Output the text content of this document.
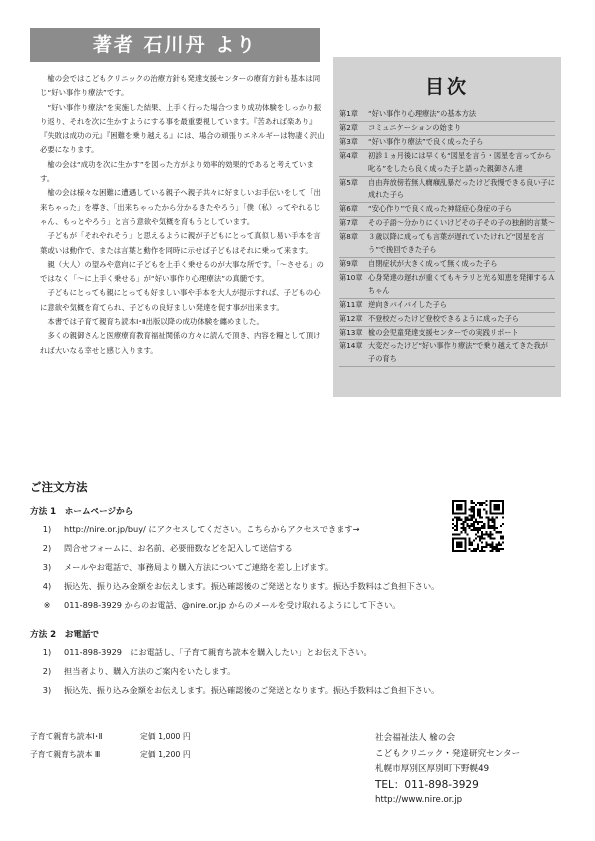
著者 石川丹 より

楡の会ではこどもクリニックの治療方針も発達支援センターの療育方針も基本は同じ“好い事作り療法”です。

“好い事作り療法”を実施した結果、上手く行った場合つまり成功体験をしっかり振り返り、それを次に生かすようにする事を最重要視しています。『苦あれば楽あり』『失敗は成功の元』『困難を乗り越える』には、場合の頑張りエネルギーは物凄く沢山必要になります。

楡の会は“成功を次に生かす”を図った方がより効率的効果的であると考えています。

楡の会は様々な困難に遭遇している親子へ親子共々に好ましいお手伝いをして「出来ちゃった」を導き、「出来ちゃったから分かるきたやろう」「僕（私）ってやれるじゃん、もっとやろう」と言う意欲や気概を育もうとしています。

子どもが「それやれそう」と思えるように親が子どもにとって真似し易い手本を言葉或いは動作で、または言葉と動作を同時に示せば子どもはそれに乗って来ます。

親（大人）の望みや意向に子どもを上手く乗せるのが大事な所です。「〜させる」のではなく「〜に上手く乗せる」が“好い事作り心理療法”の真髄です。

子どもにとっても親にとっても好ましい事や手本を大人が提示すれば、子どもの心に意欲や気概を育てられ、子どもの良好ましい発達を促す事が出来ます。

本書では子育て親育ち読本Ⅰ･Ⅱ出版以降の成功体験を纏めました。

多くの親御さんと医療療育教育福祉関係の方々に読んで頂き、内容を糧として頂ければ大いなる幸せと感じ入ります。

目次
第1章	“好い事作り心理療法”の基本方法
第2章	コミュニケーションの始まり
第3章	“好い事作り療法”で良く成った子ら
第4章	初診１ヵ月後には早くも“図星を言う・図星を言ってから叱る”をしたら良く成った子と語った親御さん達
第5章	自由奔放傍若無人癇癪乱暴だったけど我慢できる良い子に成れた子ら
第6章	“安心作り”で良く成った神経症心身症の子ら
第7章	その子語〜分かりにくいけどその子その子の独創的言葉〜
第8章	３歳以降に成っても言葉が遅れていたけれど“図星を言う”で挽回できた子ら
第9章	自閉症状が大きく成って無く成った子ら
第10章 心身発達の遅れが重くてもキラリと光る知恵を発揮するＡちゃん
第11章 逆向きバイバイした子ら
第12章 不登校だったけど登校できるように成った子ら
第13章 楡の会児童発達支援センターでの実践リポート
第14章 大変だったけど“好い事作り療法”で乗り越えてきた我が子の育ち
ご注文方法
方法 1　ホームページから
1)	http://nire.or.jp/buy/ にアクセスしてください。こちらからアクセスできます→
2)	問合せフォームに、お名前、必要冊数などを記入して送信する
3)	メールやお電話で、事務局より購入方法についてご連絡を差し上げます。
4)	振込先、振り込み金額をお伝えします。振込確認後のご発送となります。振込手数料はご負担下さい。
※	011-898-3929 からのお電話、@nire.or.jp からのメールを受け取れるようにして下さい。
方法 2　お電話で
1)	011-898-3929　にお電話し、「子育て親育ち読本を購入したい」とお伝え下さい。
2)	担当者より、購入方法のご案内をいたします。
3)	振込先、振り込み金額をお伝えします。振込確認後のご発送となります。振込手数料はご負担下さい。
子育て親育ち読本Ⅰ･Ⅱ	定価 1,000 円
子育て親育ち読本 Ⅲ	定価 1,200 円
社会福祉法人 楡の会
こどもクリニック・発達研究センター
札幌市厚別区厚別町下野幌49
TEL：011-898-3929
http://www.nire.or.jp
